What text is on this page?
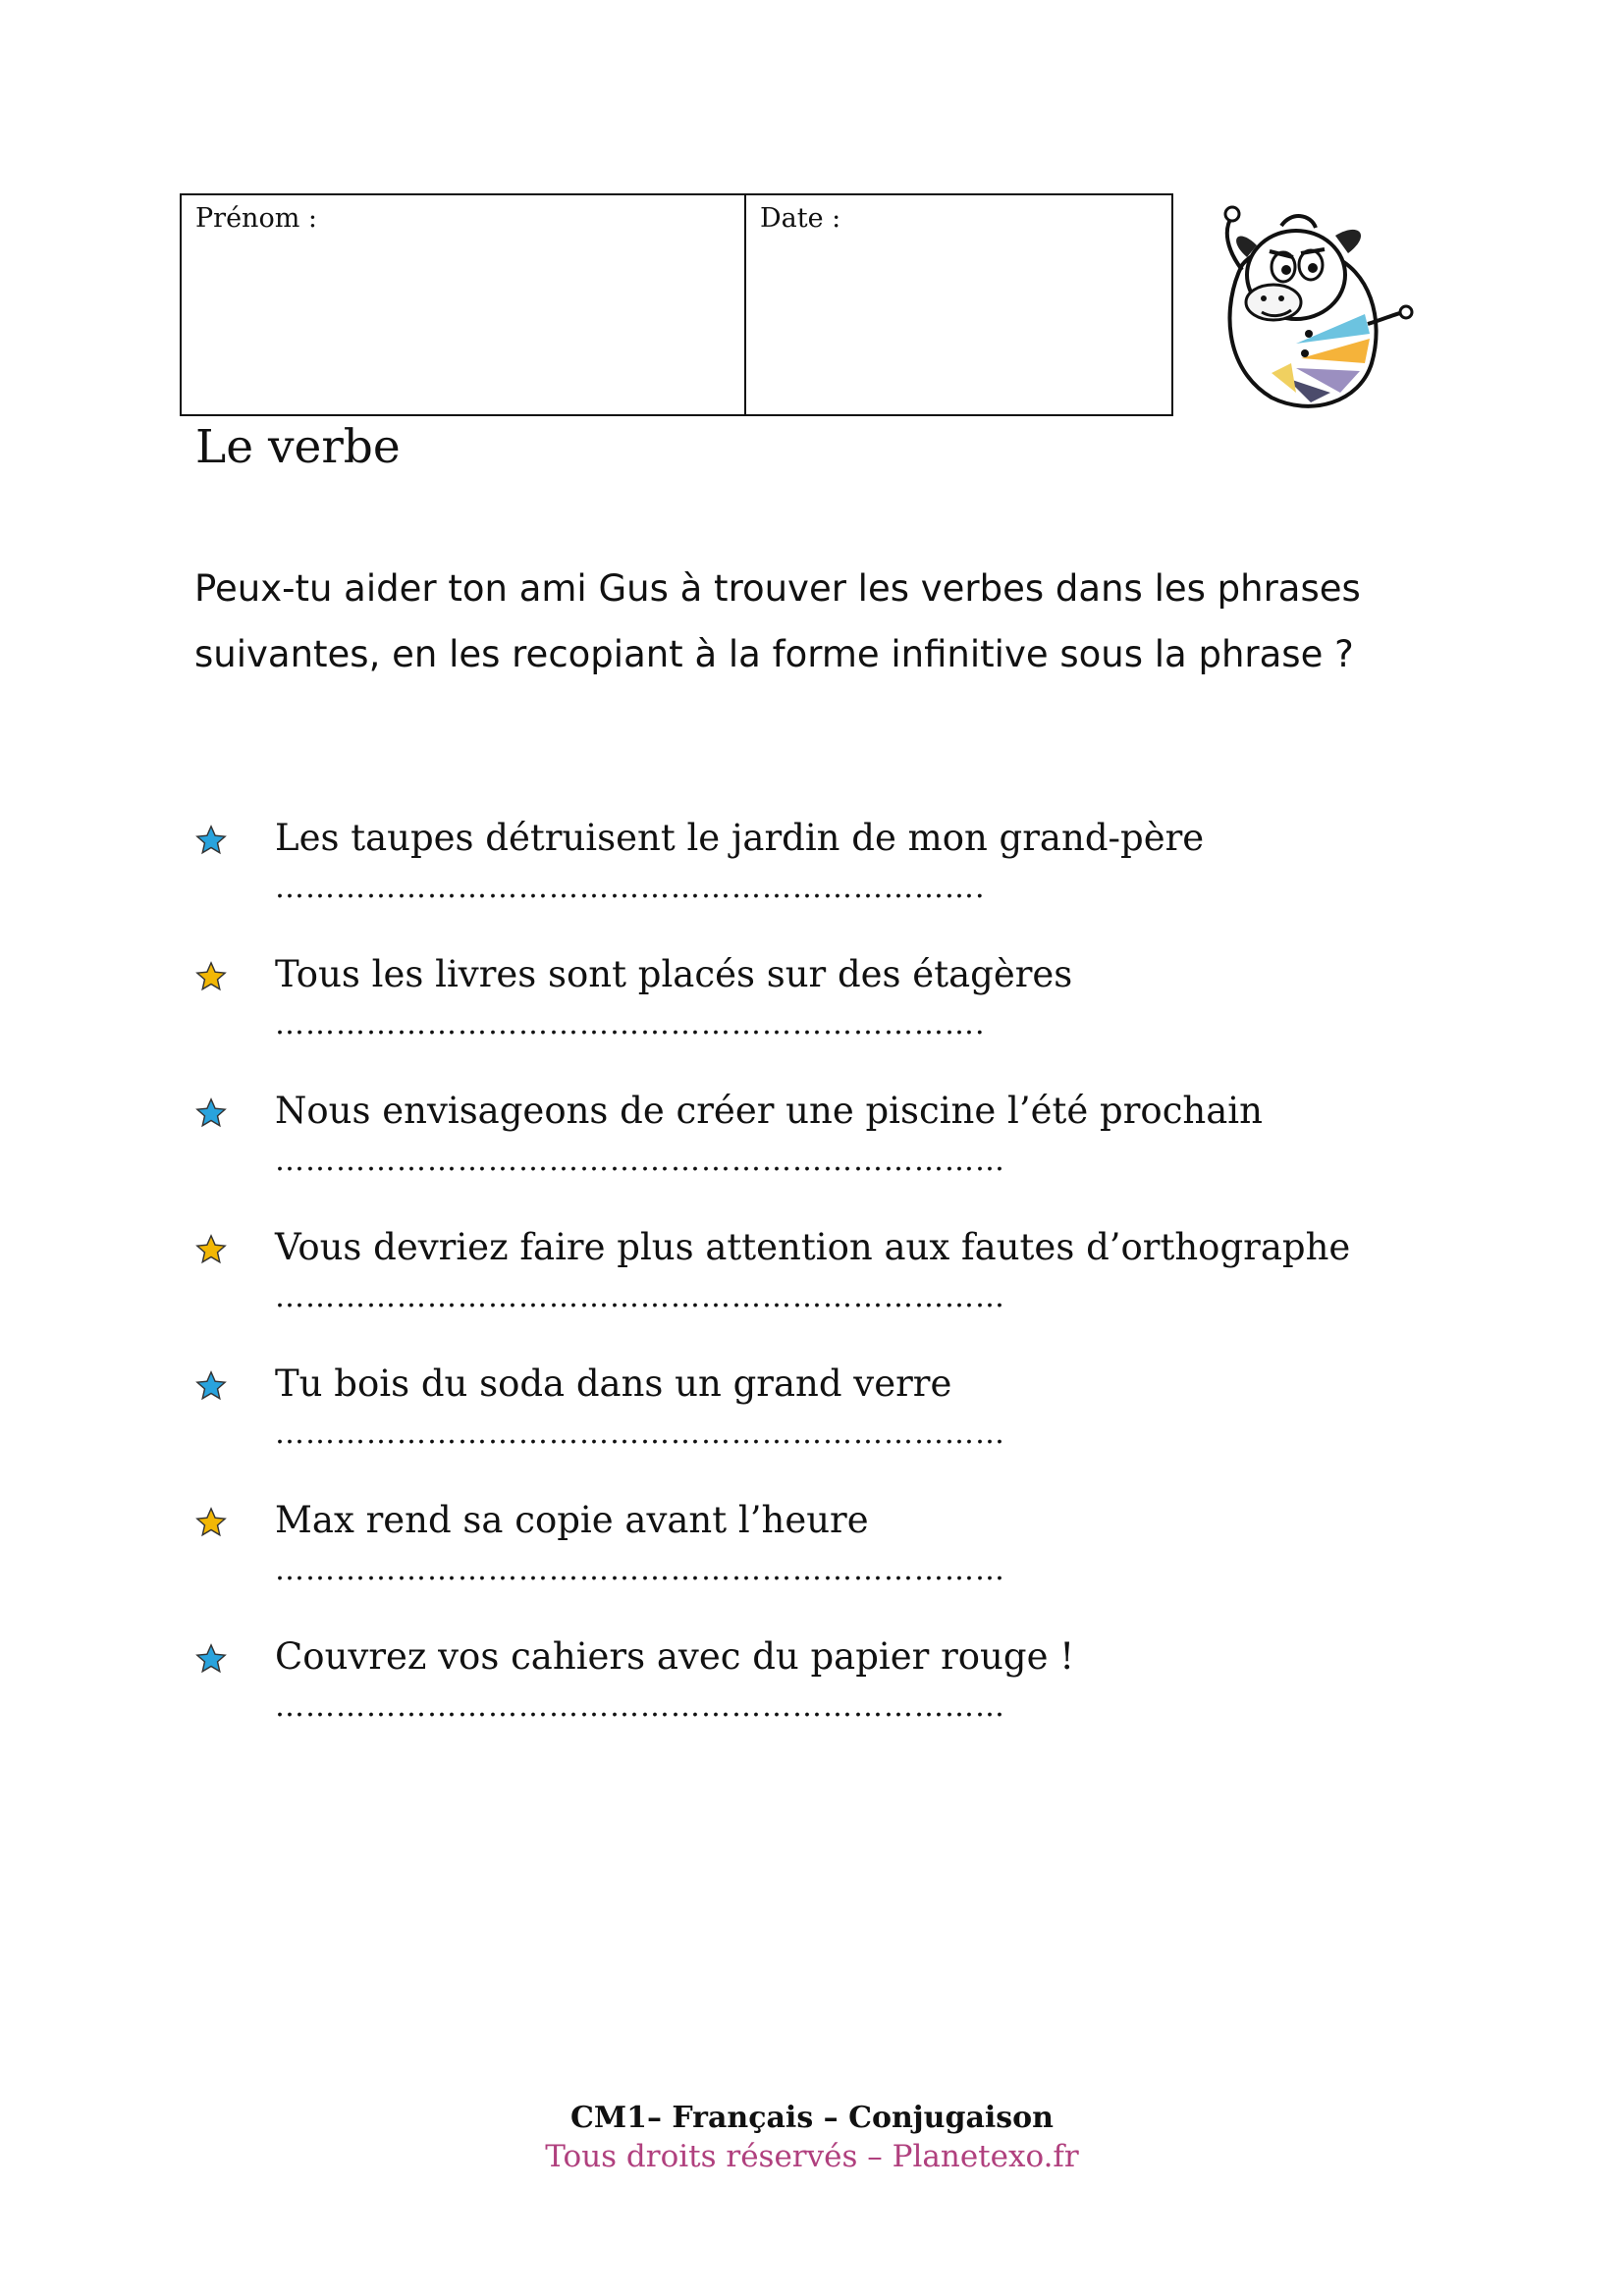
Prénom :	Date :
Le verbe

Peux-tu aider ton ami Gus à trouver les verbes dans les phrases suivantes, en les recopiant à la forme infinitive sous la phrase ?

Les taupes détruisent le jardin de mon grand-père
…………………………………………………………….
Tous les livres sont placés sur des étagères
…………………………………………………………….
Nous envisageons de créer une piscine l’été prochain
………………………………………………………………
Vous devriez faire plus attention aux fautes d’orthographe
………………………………………………………………
Tu bois du soda dans un grand verre
………………………………………………………………
Max rend sa copie avant l’heure
………………………………………………………………
Couvrez vos cahiers avec du papier rouge !
………………………………………………………………

CM1– Français – Conjugaison

Tous droits réservés – Planetexo.fr
